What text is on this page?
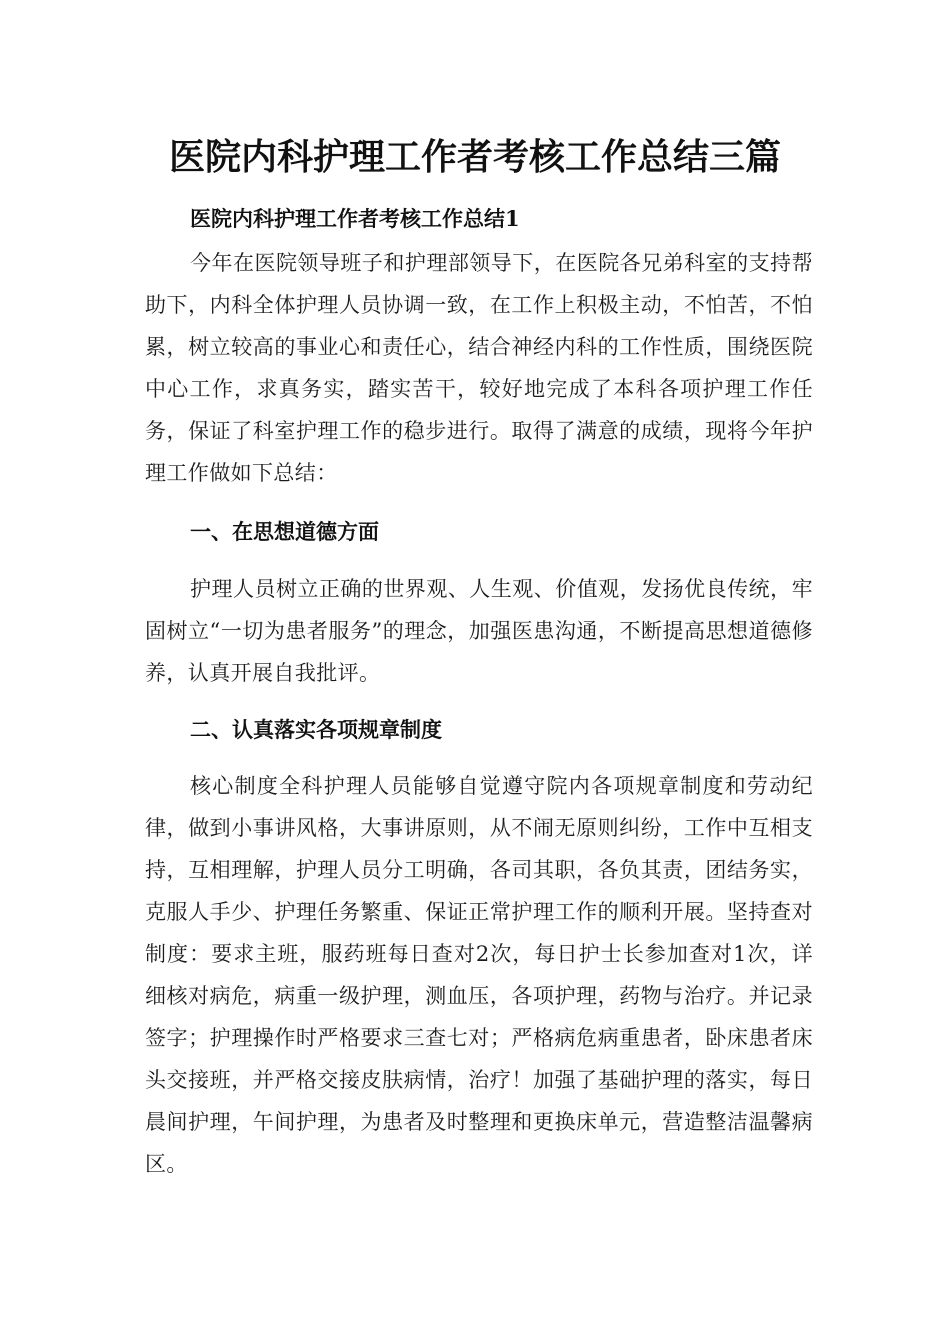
医院内科护理工作者考核工作总结三篇

医院内科护理工作者考核工作总结1

今年在医院领导班子和护理部领导下，在医院各兄弟科室的支持帮助下，内科全体护理人员协调一致，在工作上积极主动，不怕苦，不怕累，树立较高的事业心和责任心，结合神经内科的工作性质，围绕医院中心工作，求真务实，踏实苦干，较好地完成了本科各项护理工作任务，保证了科室护理工作的稳步进行。取得了满意的成绩，现将今年护理工作做如下总结：

一、在思想道德方面

护理人员树立正确的世界观、人生观、价值观，发扬优良传统，牢固树立“一切为患者服务”的理念，加强医患沟通，不断提高思想道德修养，认真开展自我批评。

二、认真落实各项规章制度

核心制度全科护理人员能够自觉遵守院内各项规章制度和劳动纪律，做到小事讲风格，大事讲原则，从不闹无原则纠纷，工作中互相支持，互相理解，护理人员分工明确，各司其职，各负其责，团结务实，克服人手少、护理任务繁重、保证正常护理工作的顺利开展。坚持查对制度：要求主班，服药班每日查对2次，每日护士长参加查对1次，详细核对病危，病重一级护理，测血压，各项护理，药物与治疗。并记录签字；护理操作时严格要求三查七对；严格病危病重患者，卧床患者床头交接班，并严格交接皮肤病情，治疗！加强了基础护理的落实，每日晨间护理，午间护理，为患者及时整理和更换床单元，营造整洁温馨病区。
